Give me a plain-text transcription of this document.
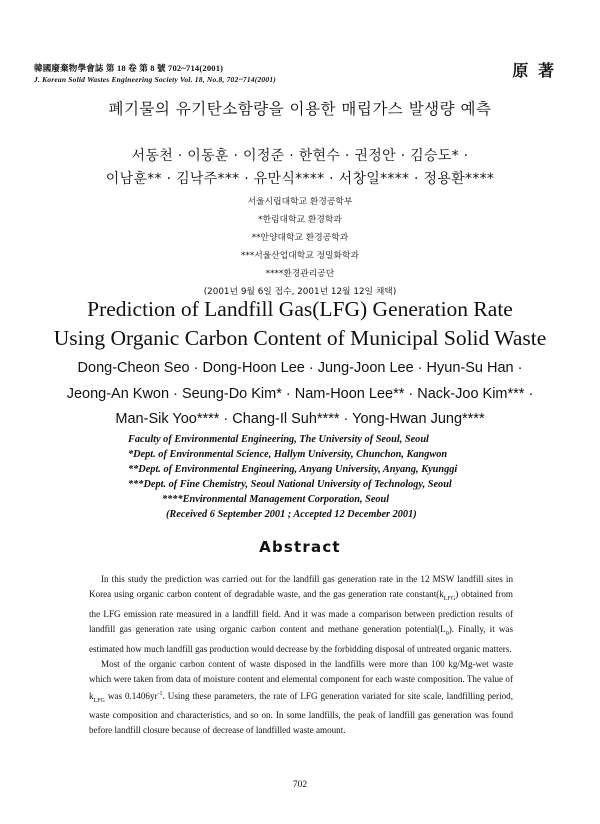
韓國廢棄物學會誌 第 18 卷 第 8 號 702~714(2001)
J. Korean Solid Wastes Engineering Society Vol. 18, No.8, 702~714(2001)	原 著
폐기물의 유기탄소함량을 이용한 매립가스 발생량 예측
서동천 · 이동훈 · 이정준 · 한현수 · 권정안 · 김승도* ·
이남훈** · 김낙주*** · 유만식**** · 서창일**** · 정용환****
서울시립대학교 환경공학부
*한림대학교 환경학과
**안양대학교 환경공학과
***서울산업대학교 정밀화학과
****환경관리공단
(2001년 9월 6일 접수, 2001년 12월 12일 채택)
Prediction of Landfill Gas(LFG) Generation Rate
Using Organic Carbon Content of Municipal Solid Waste
Dong-Cheon Seo · Dong-Hoon Lee · Jung-Joon Lee · Hyun-Su Han ·
Jeong-An Kwon · Seung-Do Kim* · Nam-Hoon Lee** · Nack-Joo Kim*** ·
Man-Sik Yoo**** · Chang-Il Suh**** · Yong-Hwan Jung****
Faculty of Environmental Engineering, The University of Seoul, Seoul
*Dept. of Environmental Science, Hallym University, Chunchon, Kangwon
**Dept. of Environmental Engineering, Anyang University, Anyang, Kyunggi
***Dept. of Fine Chemistry, Seoul National University of Technology, Seoul
****Environmental Management Corporation, Seoul
(Received 6 September 2001 ; Accepted 12 December 2001)
Abstract

In this study the prediction was carried out for the landfill gas generation rate in the 12 MSW landfill sites in Korea using organic carbon content of degradable waste, and the gas generation rate $constant(k_{LFG})$ obtained from the LFG emission rate measured in a landfill field. And it was made a comparison between prediction results of landfill gas generation rate using organic carbon content and methane generation $potential(L_0)$. Finally, it was estimated how much landfill gas production would decrease by the forbidding disposal of untreated organic matters.

Most of the organic carbon content of waste disposed in the landfills were more than 100 kg/Mg-wet waste which were taken from data of moisture content and elemental component for each waste composition. The value of $k_{LFG}$ was $0.1406yr^{-1}$. Using these parameters, the rate of LFG generation variated for site scale, landfilling period, waste composition and characteristics, and so on. In some landfills, the peak of landfill gas generation was found before landfill closure because of decrease of landfilled waste amount.

702
